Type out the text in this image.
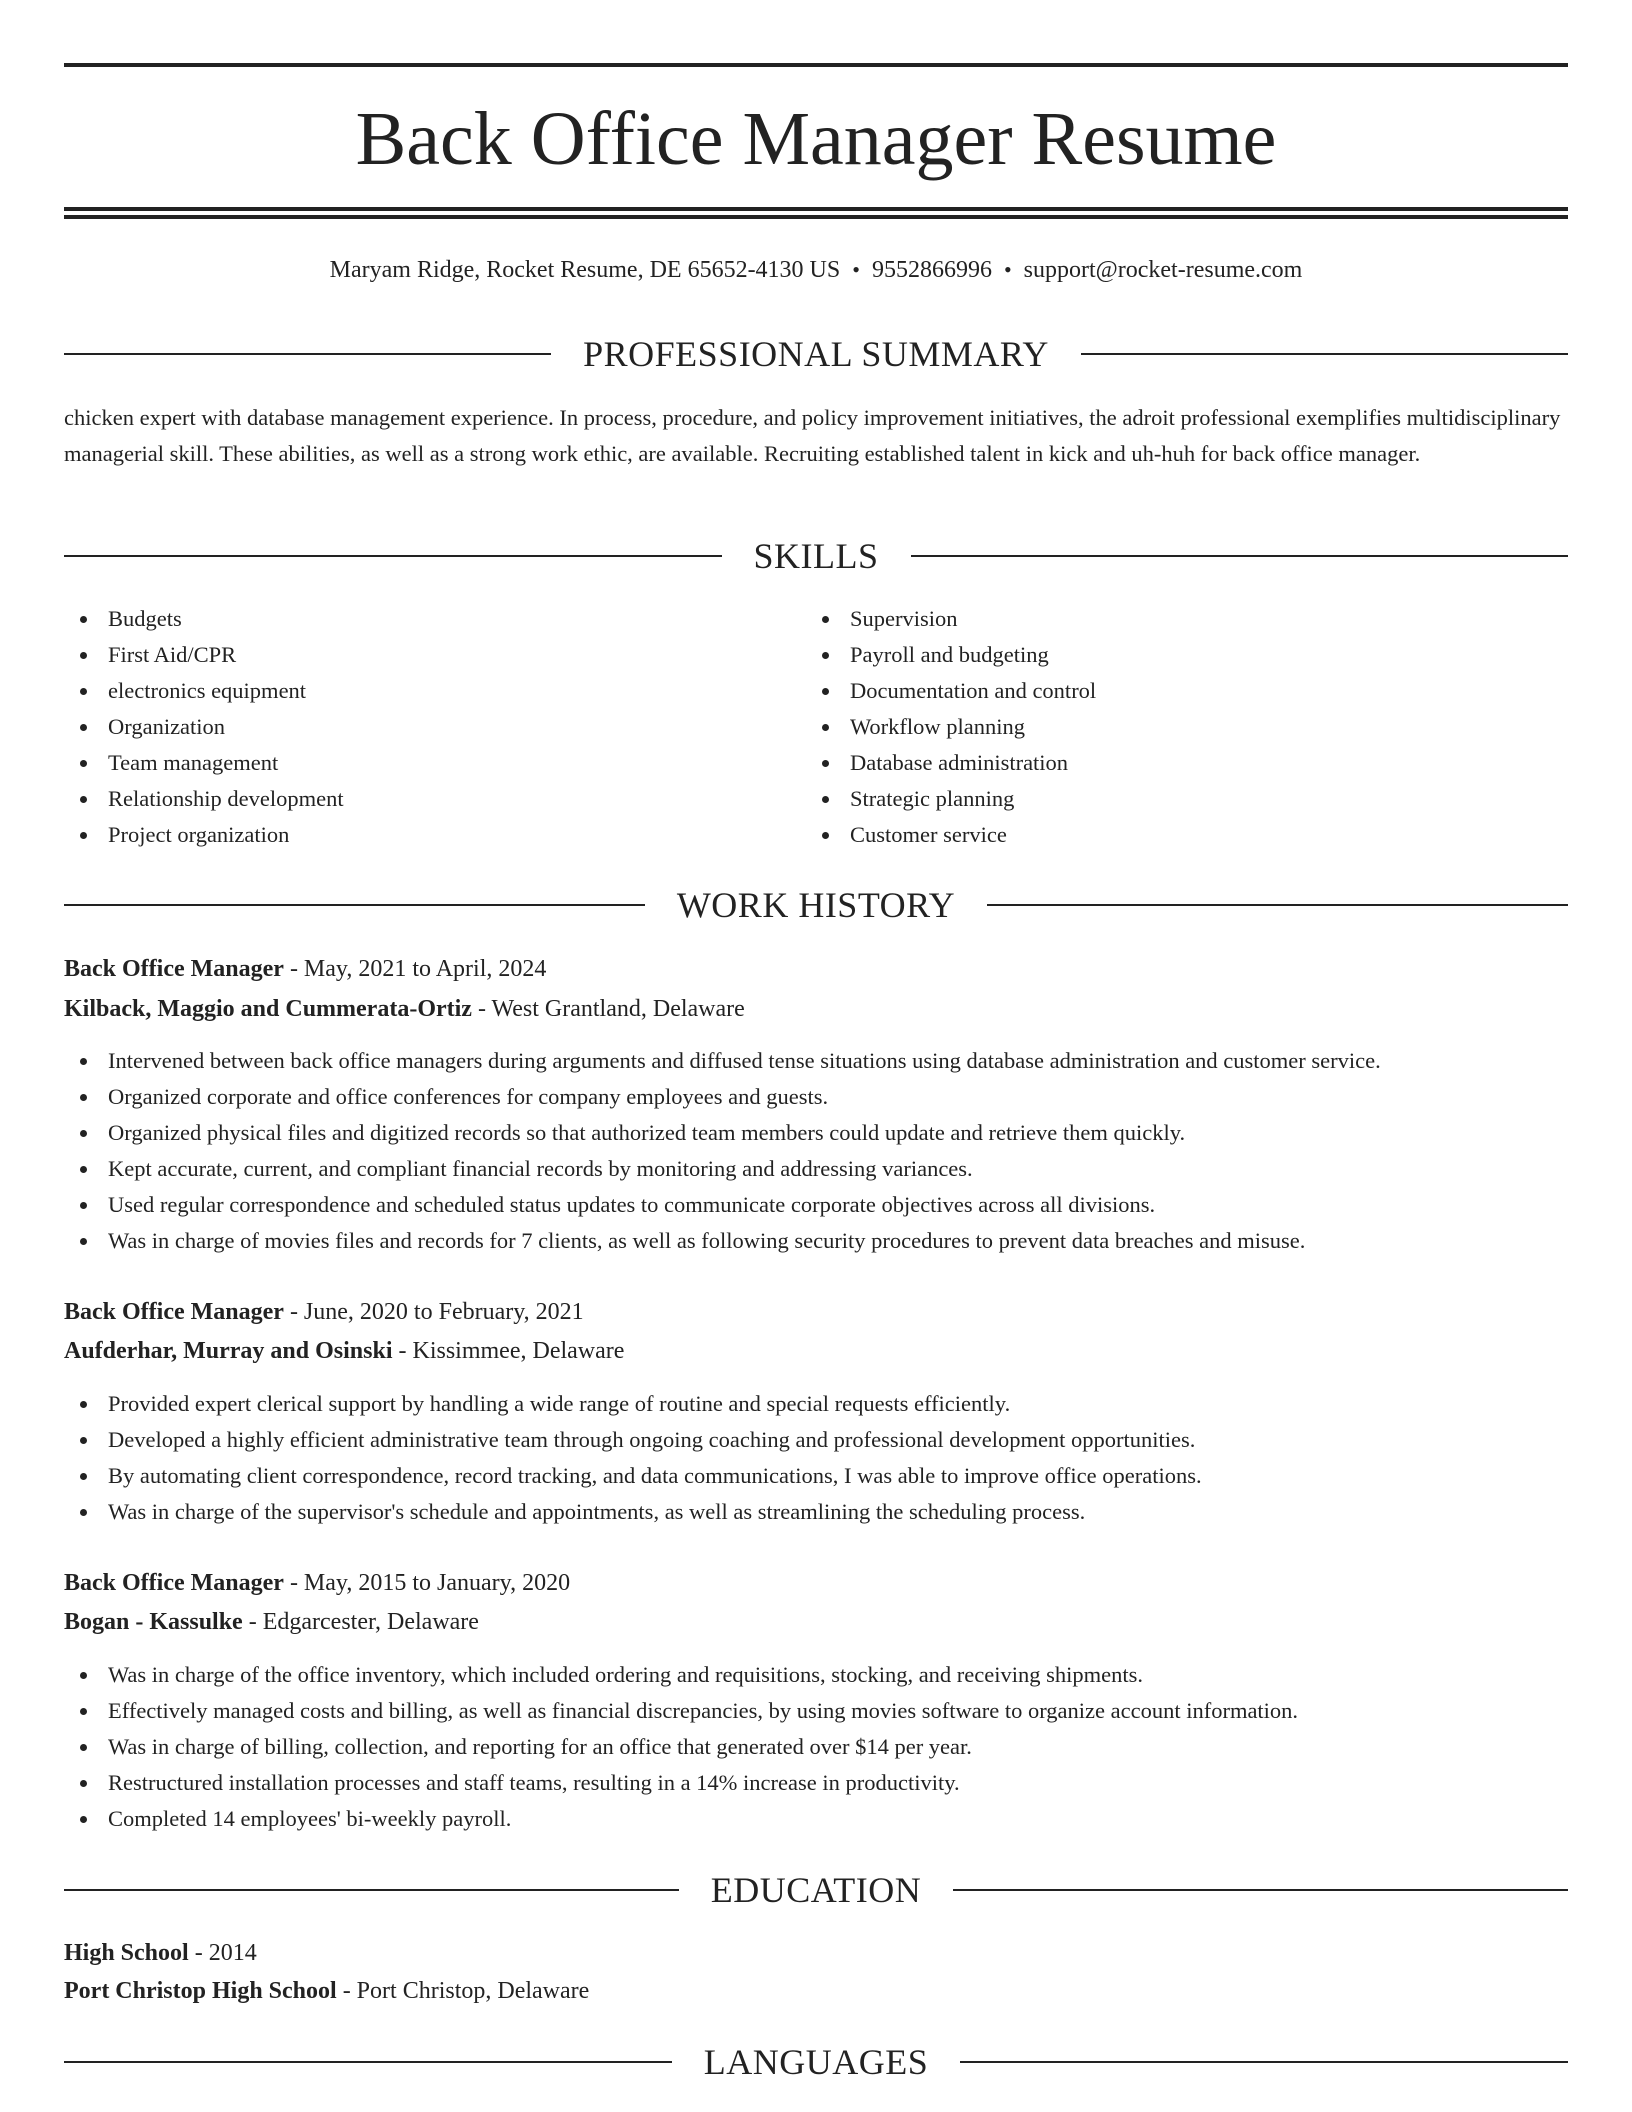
Back Office Manager Resume
Maryam Ridge, Rocket Resume, DE 65652-4130 US • 9552866996 • support@rocket-resume.com
PROFESSIONAL SUMMARY
chicken expert with database management experience. In process, procedure, and policy improvement initiatives, the adroit professional exemplifies multidisciplinary managerial skill. These abilities, as well as a strong work ethic, are available. Recruiting established talent in kick and uh-huh for back office manager.
SKILLS
Budgets
First Aid/CPR
electronics equipment
Organization
Team management
Relationship development
Project organization
Supervision
Payroll and budgeting
Documentation and control
Workflow planning
Database administration
Strategic planning
Customer service
WORK HISTORY
Back Office Manager - May, 2021 to April, 2024
Kilback, Maggio and Cummerata-Ortiz - West Grantland, Delaware
Intervened between back office managers during arguments and diffused tense situations using database administration and customer service.
Organized corporate and office conferences for company employees and guests.
Organized physical files and digitized records so that authorized team members could update and retrieve them quickly.
Kept accurate, current, and compliant financial records by monitoring and addressing variances.
Used regular correspondence and scheduled status updates to communicate corporate objectives across all divisions.
Was in charge of movies files and records for 7 clients, as well as following security procedures to prevent data breaches and misuse.
Back Office Manager - June, 2020 to February, 2021
Aufderhar, Murray and Osinski - Kissimmee, Delaware
Provided expert clerical support by handling a wide range of routine and special requests efficiently.
Developed a highly efficient administrative team through ongoing coaching and professional development opportunities.
By automating client correspondence, record tracking, and data communications, I was able to improve office operations.
Was in charge of the supervisor's schedule and appointments, as well as streamlining the scheduling process.
Back Office Manager - May, 2015 to January, 2020
Bogan - Kassulke - Edgarcester, Delaware
Was in charge of the office inventory, which included ordering and requisitions, stocking, and receiving shipments.
Effectively managed costs and billing, as well as financial discrepancies, by using movies software to organize account information.
Was in charge of billing, collection, and reporting for an office that generated over $14 per year.
Restructured installation processes and staff teams, resulting in a 14% increase in productivity.
Completed 14 employees' bi-weekly payroll.
EDUCATION
High School - 2014
Port Christop High School - Port Christop, Delaware
LANGUAGES
